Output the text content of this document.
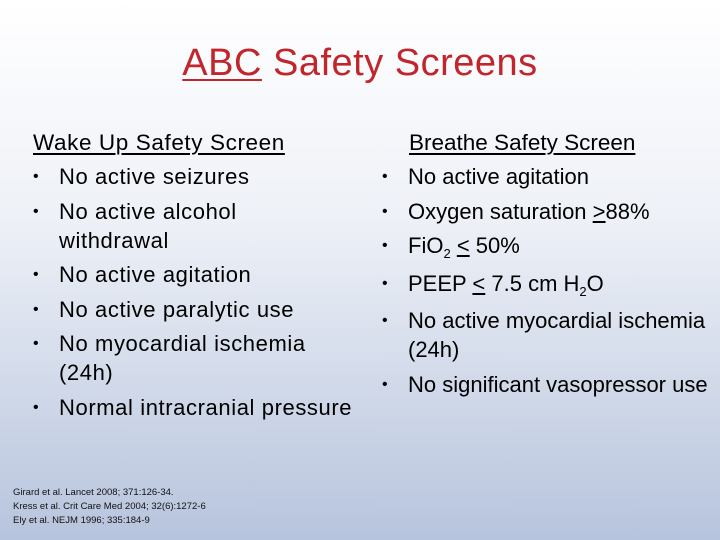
ABC Safety Screens
Wake Up Safety Screen
• No active seizures
• No active alcohol withdrawal
• No active agitation
• No active paralytic use
• No myocardial ischemia (24h)
• Normal intracranial pressure
Breathe Safety Screen
• No active agitation
• Oxygen saturation ≥88%
• FiO$_2$ ≤ 50%
• PEEP ≤ 7.5 cm $H_2O$
• No active myocardial ischemia (24h)
• No significant vasopressor use
Girard et al. Lancet 2008; 371:126-34.
Kress et al. Crit Care Med 2004; 32(6):1272-6
Ely et al. NEJM 1996; 335:184-9
